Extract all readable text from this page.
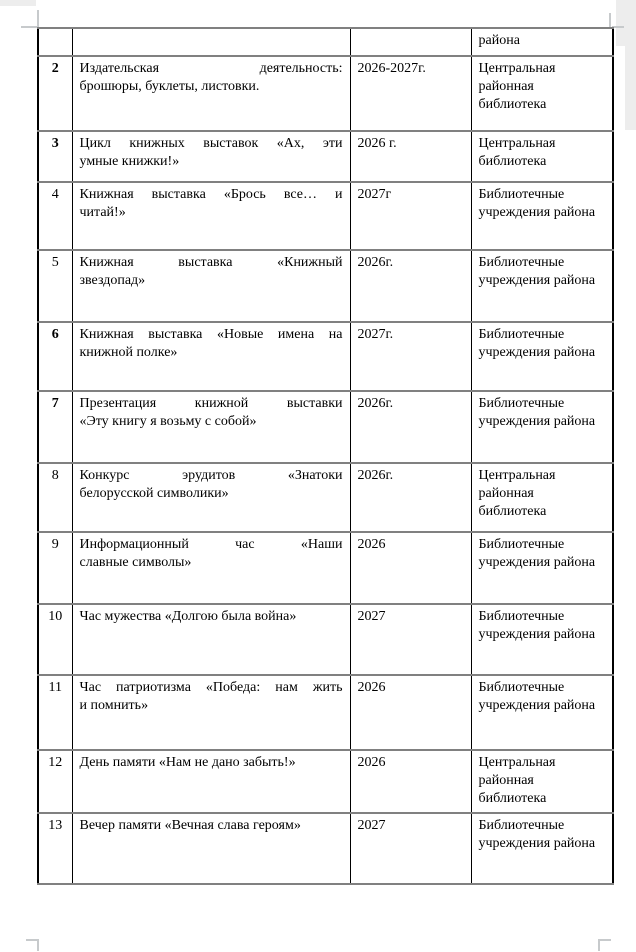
			района
2	Издательская деятельность:
брошюры, буклеты, листовки.	2026-2027г.	Центральная районная библиотека
3	Цикл книжных выставок «Ах, эти
умные книжки!»	2026 г.	Центральная библиотека
4	Книжная выставка «Брось все… и
читай!»	2027г	Библиотечные учреждения района
5	Книжная выставка «Книжный
звездопад»	2026г.	Библиотечные учреждения района
6	Книжная выставка «Новые имена на
книжной полке»	2027г.	Библиотечные учреждения района
7	Презентация книжной выставки
«Эту книгу я возьму с собой»	2026г.	Библиотечные учреждения района
8	Конкурс эрудитов «Знатоки
белорусской символики»	2026г.	Центральная районная библиотека
9	Информационный час «Наши
славные символы»	2026	Библиотечные учреждения района
10	Час мужества «Долгою была война»	2027	Библиотечные учреждения района
11	Час патриотизма «Победа: нам жить
и помнить»	2026	Библиотечные учреждения района
12	День памяти «Нам не дано забыть!»	2026	Центральная районная библиотека
13	Вечер памяти «Вечная слава героям»	2027	Библиотечные учреждения района
